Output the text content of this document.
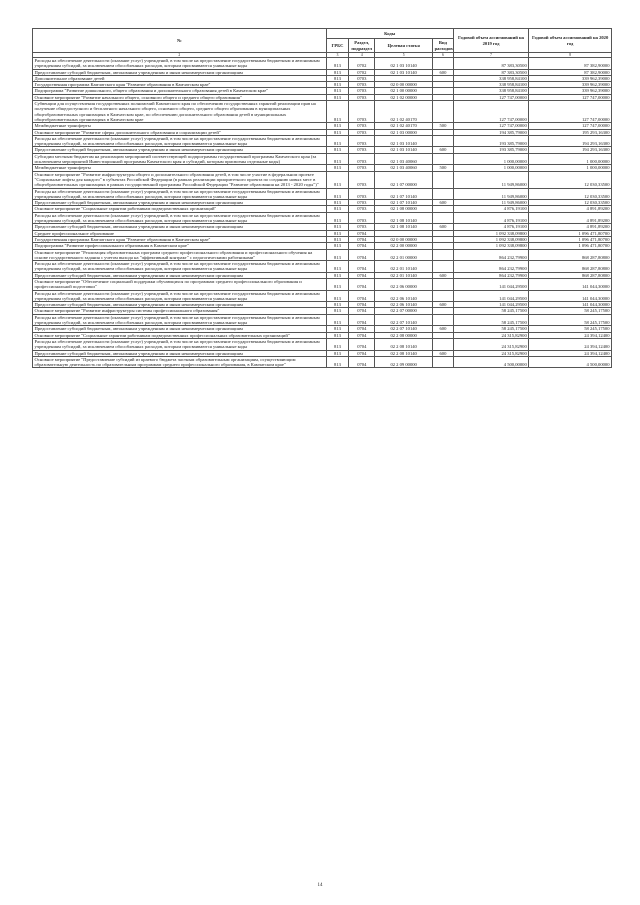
№	Коды				Годовой объем ассигнований на 2019 год	Годовой объем ассигнований на 2020 год
	ГРБС	Раздел, подраздел	Целевая статья	Вид расходов		
2	3	4	5	6	7	8
Расходы на обеспечение деятельности (оказание услуг) учреждений, в том числе на предоставление государственным бюджетным и автономным учреждениям субсидий, за исключением обособленных расходов, которым присваиваются уникальные коды	813	0702	02 1 03 10140		87 383,30500	87 382,90000
Предоставление субсидий бюджетным, автономным учреждениям и иным некоммерческим организациям	813	0702	02 1 03 10140	600	87 383,30500	87 382,90000
Дополнительное образование детей	813	0703			338 958,84100	339 962,39000
Государственная программа Камчатского края "Развитие образования в Камчатском крае"	813	0703	02 0 00 00000		338 958,84100	339 962,39000
Подпрограмма "Развитие дошкольного, общего образования и дополнительного образования детей в Камчатском крае"	813	0703	02 1 00 00000		338 958,84100	339 962,39000
Основное мероприятие "Развитие начального общего, основного общего и среднего общего образования"	813	0703	02 1 02 00000		127 747,00000	127 747,00000
Субвенции для осуществления государственных полномочий Камчатского края по обеспечению государственных гарантий реализации прав на получение общедоступного и бесплатного начального общего, основного общего, среднего общего образования в муниципальных общеобразовательных организациях в Камчатском крае, по обеспечению дополнительного образования детей в муниципальных общеобразовательных организациях в Камчатском крае	813	0703	02 1 02 40170		127 747,00000	127 747,00000
Межбюджетные трансферты	813	0703	02 1 02 40170	500	127 747,00000	127 747,00000
Основное мероприятие "Развитие сферы дополнительного образования и социализации детей"	813	0703	02 1 03 00000		194 385,79000	195 293,16300
Расходы на обеспечение деятельности (оказание услуг) учреждений, в том числе на предоставление государственным бюджетным и автономным учреждениям субсидий, за исключением обособленных расходов, которым присваиваются уникальные коды	813	0703	02 1 03 10140		193 385,79000	194 293,16300
Предоставление субсидий бюджетным, автономным учреждениям и иным некоммерческим организациям	813	0703	02 1 03 10140	600	193 385,79000	194 293,16300
Субсидии местным бюджетам на реализацию мероприятий соответствующей подпрограммы государственной программы Камчатского края (за исключением мероприятий Инвестиционной программы Камчатского края и субсидий, которым присвоены отдельные коды)	813	0703	02 1 03 40060		1 000,00000	1 000,00000
Межбюджетные трансферты	813	0703	02 1 03 40060	500	1 000,00000	1 000,00000
Основное мероприятие "Развитие инфраструктуры общего и дополнительного образования детей, в том числе участие в федеральном проекте "Социальные лифты для каждого" в субъектах Российской Федерации (в рамках реализации приоритетного проекта по созданию новых мест в общеобразовательных организациях в рамках государственной программы Российской Федерации "Развитие образования на 2013 - 2020 годы")"	813	0703	02 1 07 00000		11 949,86000	12 030,33500
Расходы на обеспечение деятельности (оказание услуг) учреждений, в том числе на предоставление государственным бюджетным и автономным учреждениям субсидий, за исключением обособленных расходов, которым присваиваются уникальные коды	813	0703	02 1 07 10140		11 949,86000	12 030,33500
Предоставление субсидий бюджетным, автономным учреждениям и иным некоммерческим организациям	813	0703	02 1 07 10140	600	11 949,86000	12 030,33500
Основное мероприятие "Социальные гарантии работникам подведомственных организаций"	813	0703	02 1 08 00000		4 876,19100	4 891,89200
Расходы на обеспечение деятельности (оказание услуг) учреждений, в том числе на предоставление государственным бюджетным и автономным учреждениям субсидий, за исключением обособленных расходов, которым присваиваются уникальные коды	813	0703	02 1 08 10140		4 876,19100	4 891,89200
Предоставление субсидий бюджетным, автономным учреждениям и иным некоммерческим организациям	813	0703	02 1 08 10140	600	4 876,19100	4 891,89200
Среднее профессиональное образование	813	0704			1 092 338,09800	1 096 471,80700
Государственная программа Камчатского края "Развитие образования в Камчатском крае"	813	0704	02 0 00 00000		1 092 338,09800	1 096 471,80700
Подпрограмма "Развитие профессионального образования в Камчатском крае"	813	0704	02 2 00 00000		1 092 338,09800	1 096 471,80700
Основное мероприятие "Реализация образовательных программ среднего профессионального образования и профессионального обучения на основе государственного задания с учетом выхода на "эффективный контракт" с педагогическими работниками"	813	0704	02 2 01 00000		864 232,79900	868 287,80800
Расходы на обеспечение деятельности (оказание услуг) учреждений, в том числе на предоставление государственным бюджетным и автономным учреждениям субсидий, за исключением обособленных расходов, которым присваиваются уникальные коды	813	0704	02 2 01 10140		864 232,79900	868 287,80800
Предоставление субсидий бюджетным, автономным учреждениям и иным некоммерческим организациям	813	0704	02 2 01 10140	600	864 232,79900	868 287,80800
Основное мероприятие "Обеспечение социальной поддержки обучающихся по программам среднего профессионального образования и профессиональной подготовки"	813	0704	02 2 06 00000		141 044,29500	141 044,30000
Расходы на обеспечение деятельности (оказание услуг) учреждений, в том числе на предоставление государственным бюджетным и автономным учреждениям субсидий, за исключением обособленных расходов, которым присваиваются уникальные коды	813	0704	02 2 06 10140		141 044,29500	141 044,30000
Предоставление субсидий бюджетным, автономным учреждениям и иным некоммерческим организациям	813	0704	02 2 06 10140	600	141 044,29500	141 044,30000
Основное мероприятие "Развитие инфраструктуры системы профессионального образования"	813	0704	02 2 07 00000		58 245,17500	58 245,17500
Расходы на обеспечение деятельности (оказание услуг) учреждений, в том числе на предоставление государственным бюджетным и автономным учреждениям субсидий, за исключением обособленных расходов, которым присваиваются уникальные коды	813	0704	02 2 07 10140		58 245,17500	58 245,17500
Предоставление субсидий бюджетным, автономным учреждениям и иным некоммерческим организациям	813	0704	02 2 07 10140	600	58 245,17500	58 245,17500
Основное мероприятие "Социальные гарантии работникам подведомственных профессиональных образовательных организаций"	813	0704	02 2 08 00000		24 315,82900	24 394,12400
Расходы на обеспечение деятельности (оказание услуг) учреждений, в том числе на предоставление государственным бюджетным и автономным учреждениям субсидий, за исключением обособленных расходов, которым присваиваются уникальные коды	813	0704	02 2 08 10140		24 315,82900	24 394,12400
Предоставление субсидий бюджетным, автономным учреждениям и иным некоммерческим организациям	813	0704	02 2 08 10140	600	24 315,82900	24 394,12400
Основное мероприятие "Предоставление субсидий из краевого бюджета частным образовательным организациям, осуществляющим образовательную деятельность по образовательным программам среднего профессионального образования, в Камчатском крае"	813	0704	02 2 09 00000		4 500,00000	4 500,00000
14
